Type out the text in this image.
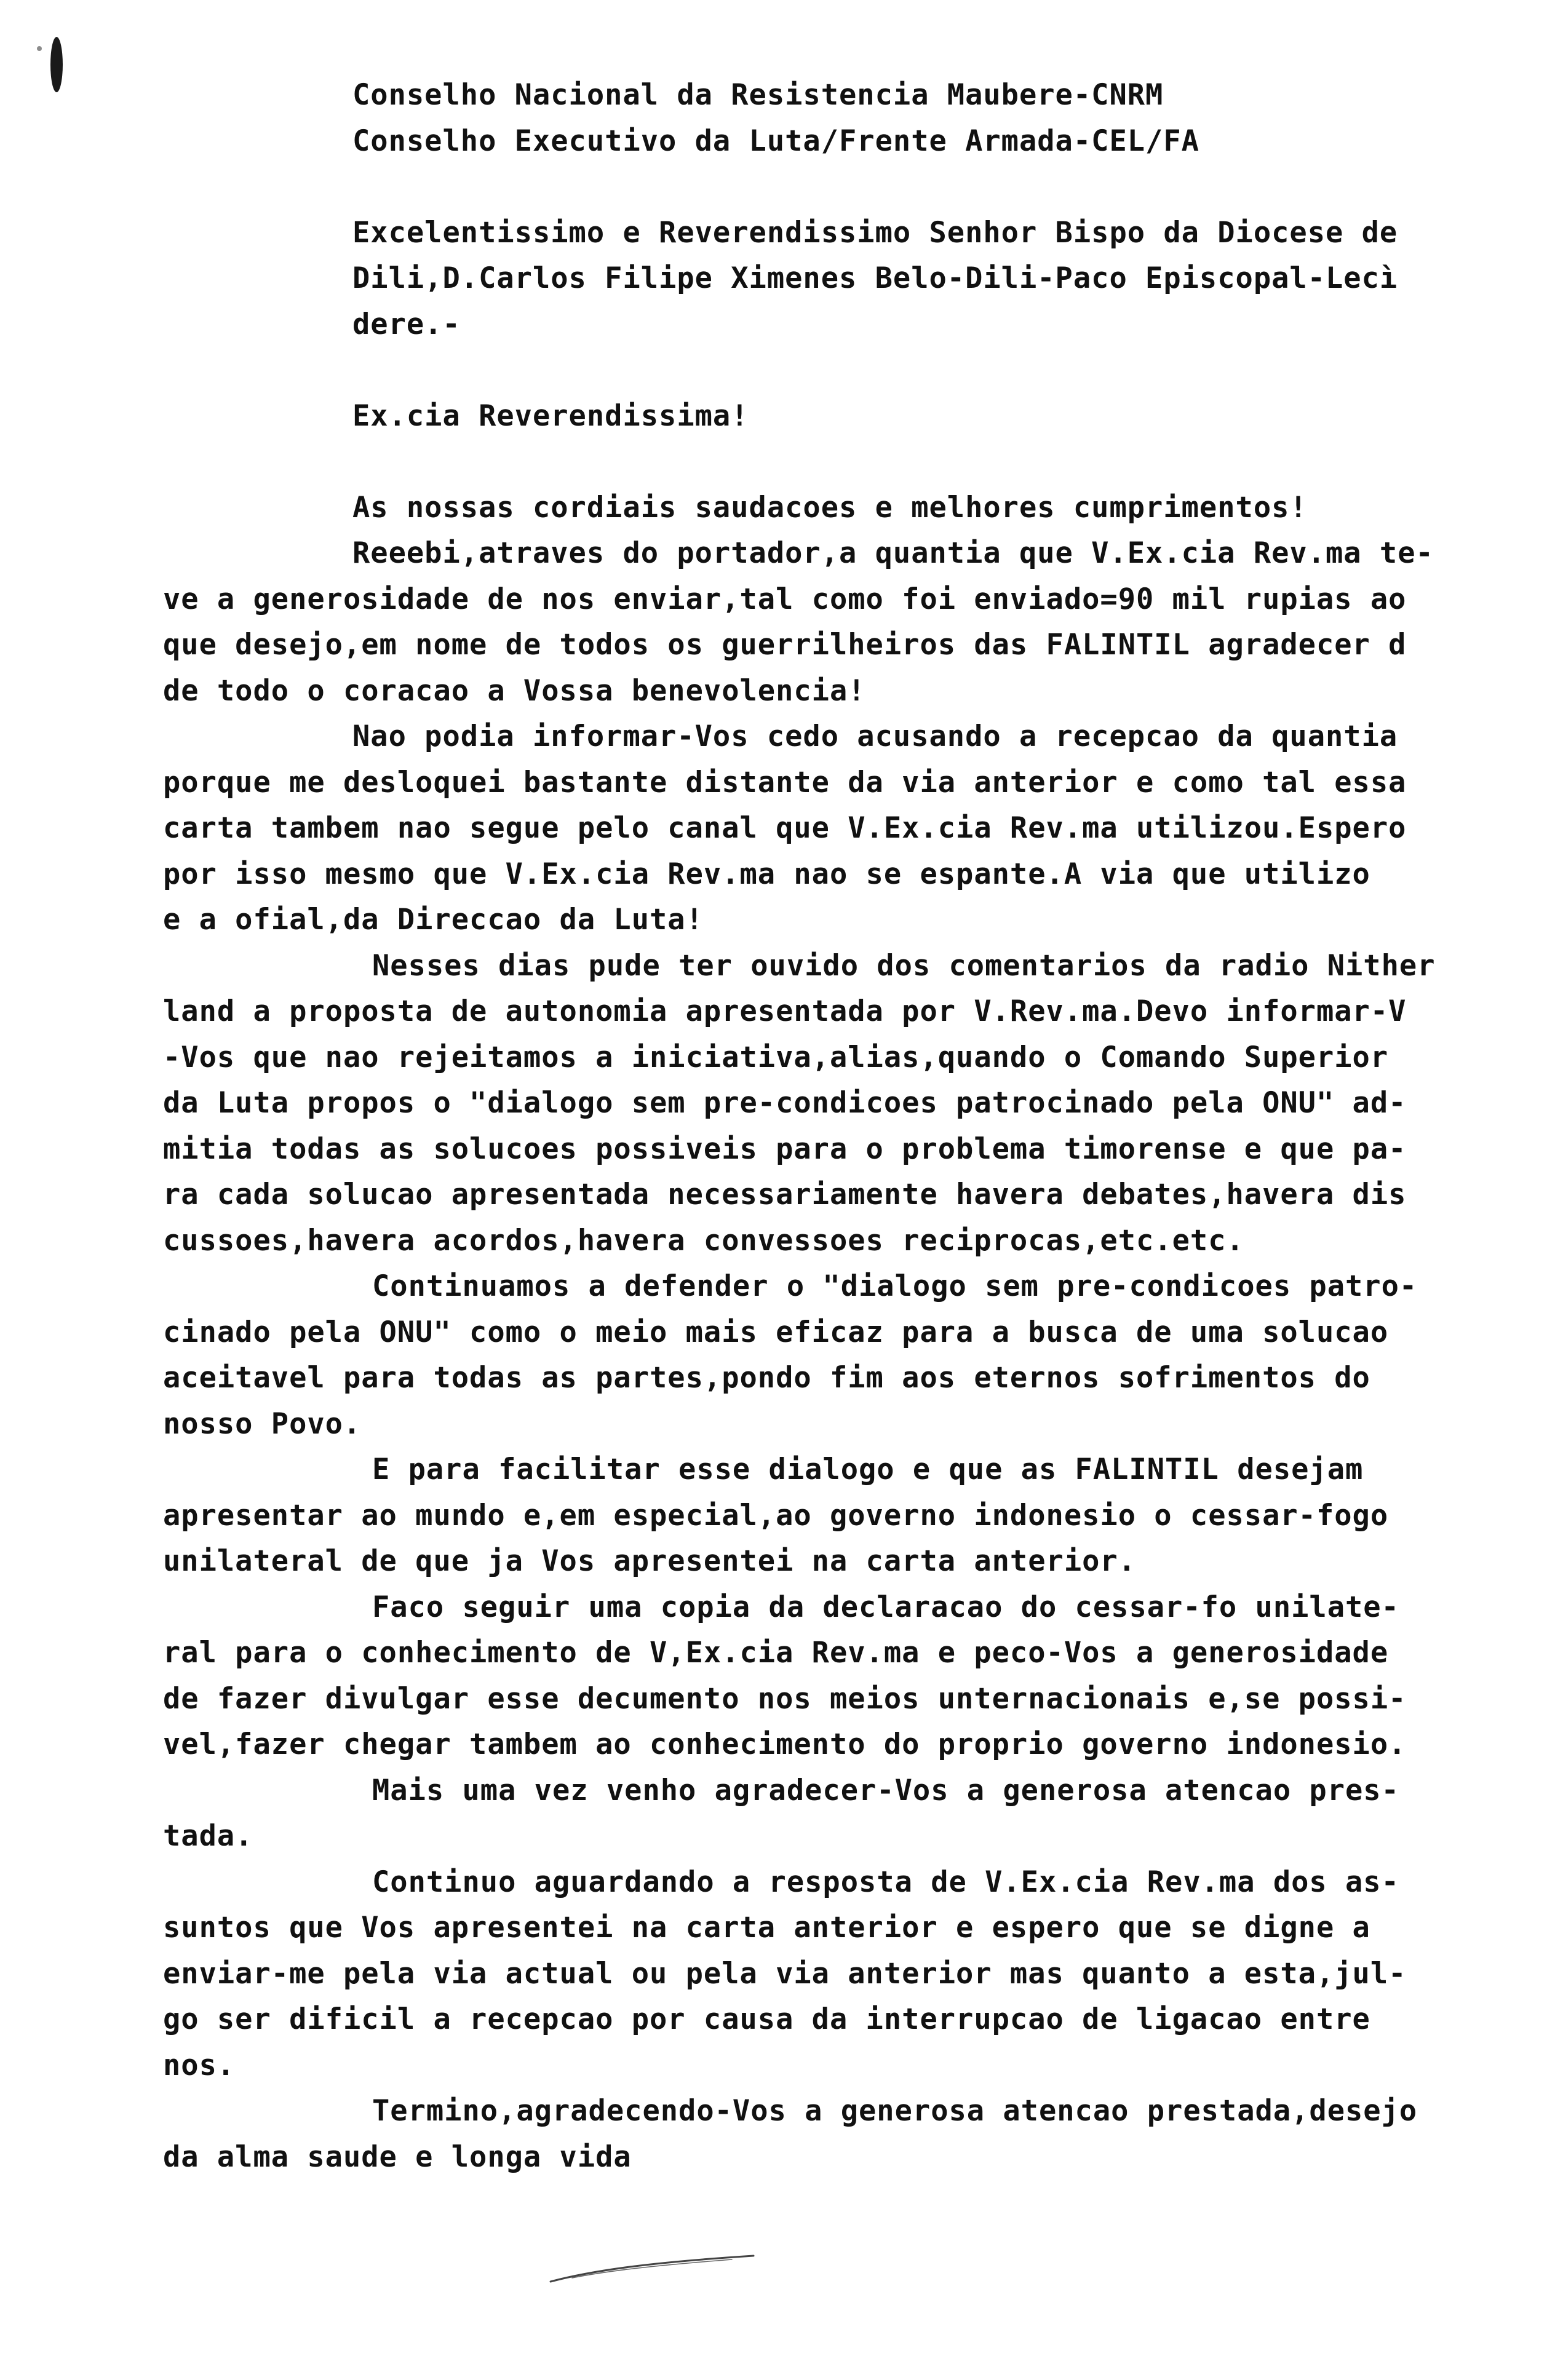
Conselho Nacional da Resistencia Maubere-CNRM
Conselho Executivo da Luta/Frente Armada-CEL/FA
Excelentissimo e Reverendissimo Senhor Bispo da Diocese de
Dili,D.Carlos Filipe Ximenes Belo-Dili-Paco Episcopal-Lecì
dere.-
Ex.cia Reverendissima!
As nossas cordiais saudacoes e melhores cumprimentos!
Reeebi,atraves do portador,a quantia que V.Ex.cia Rev.ma te-
ve a generosidade de nos enviar,tal como foi enviado=90 mil rupias ao
que desejo,em nome de todos os guerrilheiros das FALINTIL agradecer d
de todo o coracao a Vossa benevolencia!
Nao podia informar-Vos cedo acusando a recepcao da quantia
porque me desloquei bastante distante da via anterior e como tal essa
carta tambem nao segue pelo canal que V.Ex.cia Rev.ma utilizou.Espero
por isso mesmo que V.Ex.cia Rev.ma nao se espante.A via que utilizo
e a ofial,da Direccao da Luta!
Nesses dias pude ter ouvido dos comentarios da radio Nither
land a proposta de autonomia apresentada por V.Rev.ma.Devo informar-V
-Vos que nao rejeitamos a iniciativa,alias,quando o Comando Superior
da Luta propos o "dialogo sem pre-condicoes patrocinado pela ONU" ad-
mitia todas as solucoes possiveis para o problema timorense e que pa-
ra cada solucao apresentada necessariamente havera debates,havera dis
cussoes,havera acordos,havera convessoes reciprocas,etc.etc.
Continuamos a defender o "dialogo sem pre-condicoes patro-
cinado pela ONU" como o meio mais eficaz para a busca de uma solucao
aceitavel para todas as partes,pondo fim aos eternos sofrimentos do
nosso Povo.
E para facilitar esse dialogo e que as FALINTIL desejam
apresentar ao mundo e,em especial,ao governo indonesio o cessar-fogo
unilateral de que ja Vos apresentei na carta anterior.
Faco seguir uma copia da declaracao do cessar-fo unilate-
ral para o conhecimento de V,Ex.cia Rev.ma e peco-Vos a generosidade
de fazer divulgar esse decumento nos meios unternacionais e,se possi-
vel,fazer chegar tambem ao conhecimento do proprio governo indonesio.
Mais uma vez venho agradecer-Vos a generosa atencao pres-
tada.
Continuo aguardando a resposta de V.Ex.cia Rev.ma dos as-
suntos que Vos apresentei na carta anterior e espero que se digne a
enviar-me pela via actual ou pela via anterior mas quanto a esta,jul-
go ser dificil a recepcao por causa da interrupcao de ligacao entre
nos.
Termino,agradecendo-Vos a generosa atencao prestada,desejo
da alma saude e longa vida
